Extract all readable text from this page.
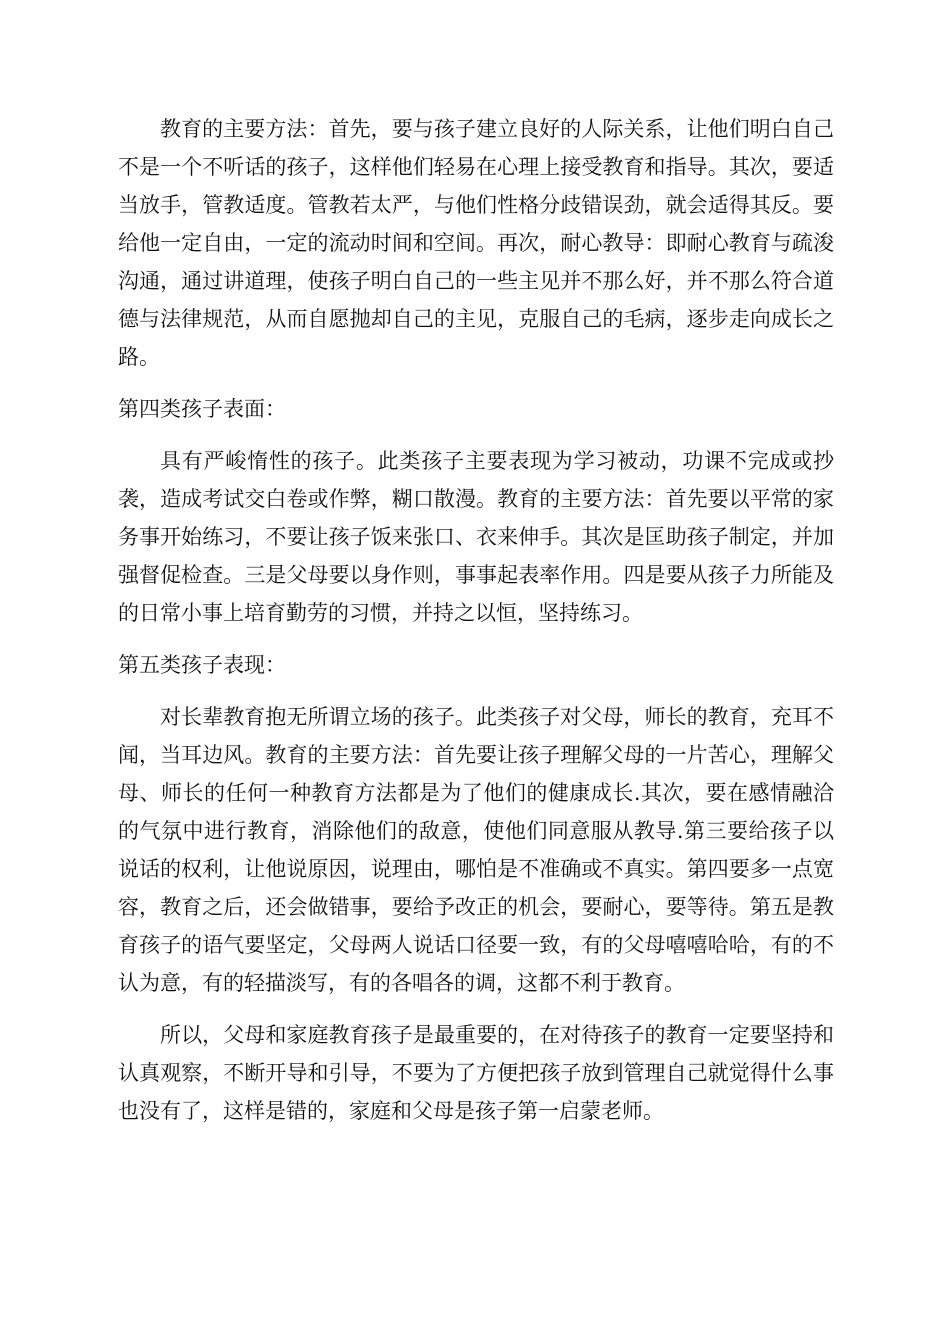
教育的主要方法：首先，要与孩子建立良好的人际关系，让他们明白自己不是一个不听话的孩子，这样他们轻易在心理上接受教育和指导。其次，要适当放手，管教适度。管教若太严，与他们性格分歧错误劲，就会适得其反。要给他一定自由，一定的流动时间和空间。再次，耐心教导：即耐心教育与疏浚沟通，通过讲道理，使孩子明白自己的一些主见并不那么好，并不那么符合道德与法律规范，从而自愿抛却自己的主见，克服自己的毛病，逐步走向成长之路。

第四类孩子表面：

具有严峻惰性的孩子。此类孩子主要表现为学习被动，功课不完成或抄袭，造成考试交白卷或作弊，糊口散漫。教育的主要方法：首先要以平常的家务事开始练习，不要让孩子饭来张口、衣来伸手。其次是匡助孩子制定，并加强督促检查。三是父母要以身作则，事事起表率作用。四是要从孩子力所能及的日常小事上培育勤劳的习惯，并持之以恒，坚持练习。

第五类孩子表现：

对长辈教育抱无所谓立场的孩子。此类孩子对父母，师长的教育，充耳不闻，当耳边风。教育的主要方法：首先要让孩子理解父母的一片苦心，理解父母、师长的任何一种教育方法都是为了他们的健康成长.其次，要在感情融洽的气氛中进行教育，消除他们的敌意，使他们同意服从教导.第三要给孩子以说话的权利，让他说原因，说理由，哪怕是不准确或不真实。第四要多一点宽容，教育之后，还会做错事，要给予改正的机会，要耐心，要等待。第五是教育孩子的语气要坚定，父母两人说话口径要一致，有的父母嘻嘻哈哈，有的不认为意，有的轻描淡写，有的各唱各的调，这都不利于教育。

所以，父母和家庭教育孩子是最重要的，在对待孩子的教育一定要坚持和认真观察，不断开导和引导，不要为了方便把孩子放到管理自己就觉得什么事也没有了，这样是错的，家庭和父母是孩子第一启蒙老师。
